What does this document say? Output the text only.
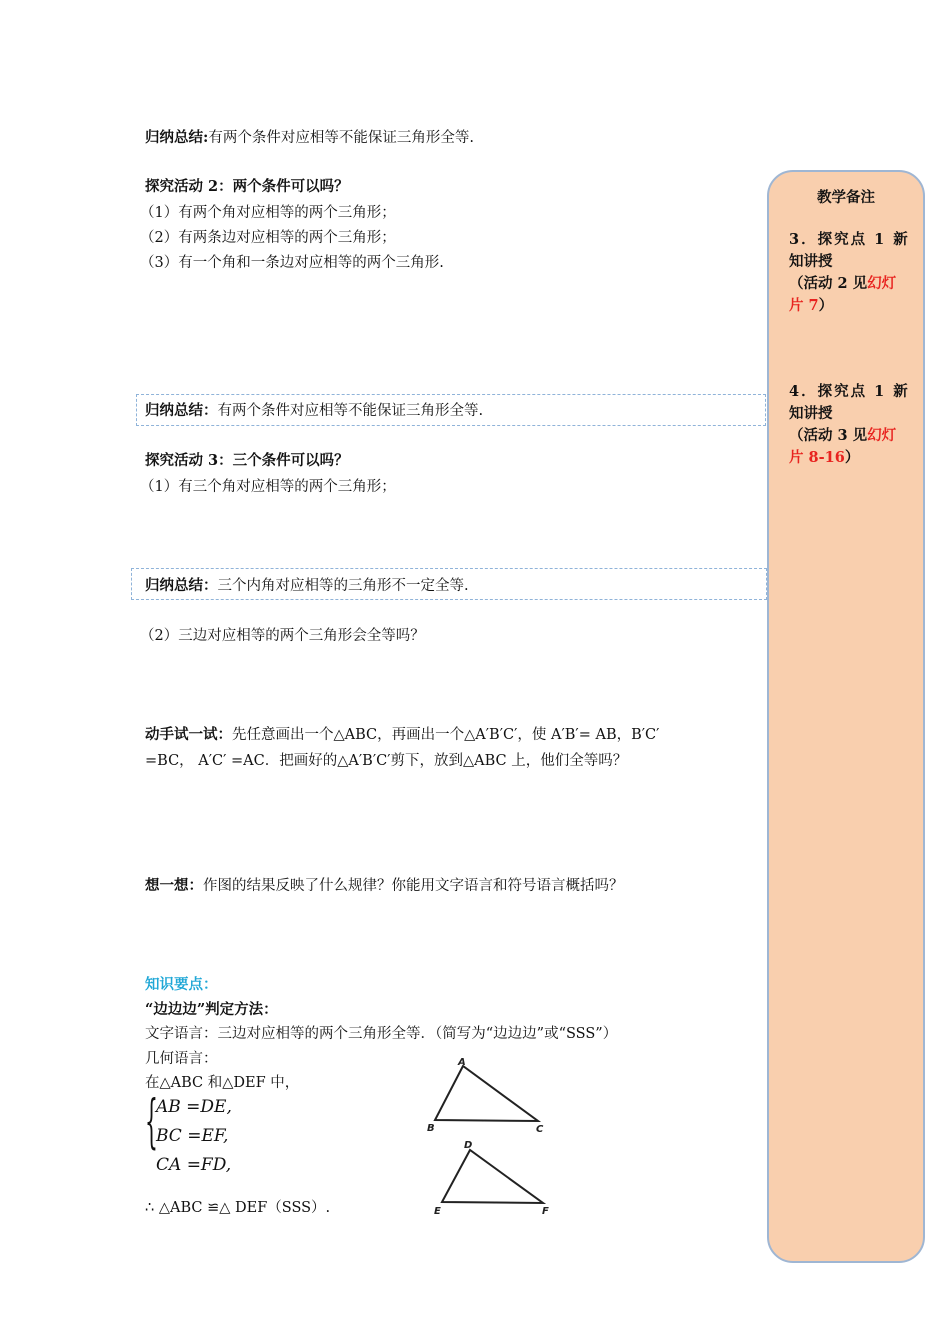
归纳总结:有两个条件对应相等不能保证三角形全等.
探究活动 2：两个条件可以吗？
（1）有两个角对应相等的两个三角形；
（2）有两条边对应相等的两个三角形；
（3）有一个角和一条边对应相等的两个三角形.
归纳总结：有两个条件对应相等不能保证三角形全等.
探究活动 3：三个条件可以吗？
（1）有三个角对应相等的两个三角形；
归纳总结：三个内角对应相等的三角形不一定全等.
（2）三边对应相等的两个三角形会全等吗？
动手试一试：先任意画出一个△ABC，再画出一个△A′B′C′，使 A′B′= AB，B′C′
=BC， A′C′ =AC．把画好的△A′B′C′剪下，放到△ABC 上，他们全等吗？
想一想：作图的结果反映了什么规律？你能用文字语言和符号语言概括吗？
知识要点：
“边边边”判定方法：
文字语言：三边对应相等的两个三角形全等．（简写为“边边边”或“SSS”）
几何语言：
在△ABC 和△DEF 中，
{
AB =DE,
BC =EF,
CA =FD,
∴ △ABC ≌△ DEF（SSS）.
A
B	C
D
E	F
教学备注
3．探究点 1 新
知讲授
（活动 2 见幻灯
片 7）
4．探究点 1 新
知讲授
（活动 3 见幻灯
片 8-16）
